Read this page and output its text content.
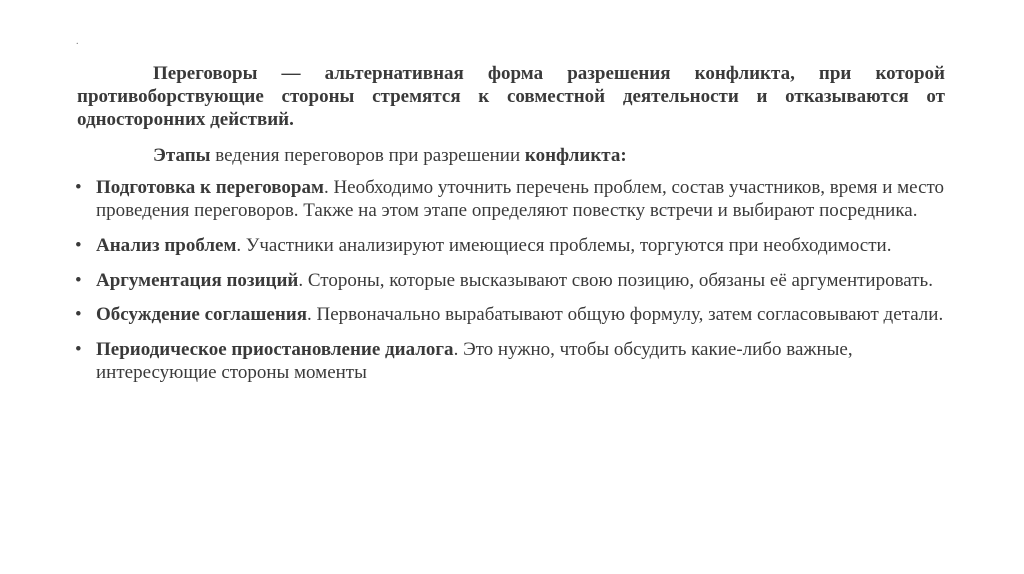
.

Переговоры — альтернативная форма разрешения конфликта, при которой противоборствующие стороны стремятся к совместной деятельности и отказываются от односторонних действий.

Этапы ведения переговоров при разрешении конфликта:
• Подготовка к переговорам. Необходимо уточнить перечень проблем, состав участников, время и место проведения переговоров. Также на этом этапе определяют повестку встречи и выбирают посредника.
• Анализ проблем. Участники анализируют имеющиеся проблемы, торгуются при необходимости.
• Аргументация позиций. Стороны, которые высказывают свою позицию, обязаны её аргументировать.
• Обсуждение соглашения. Первоначально вырабатывают общую формулу, затем согласовывают детали.
• Периодическое приостановление диалога. Это нужно, чтобы обсудить какие-либо важные, интересующие стороны моменты
